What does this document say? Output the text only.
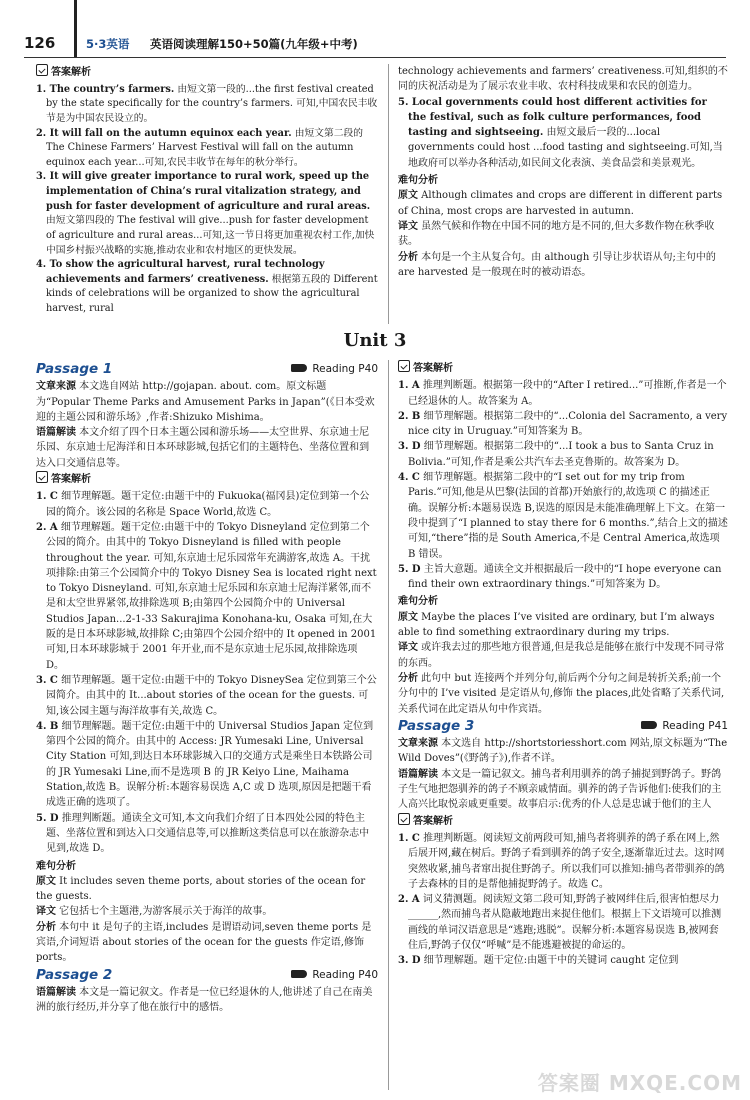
126	5·3英语 英语阅读理解150+50篇(九年级+中考)

答案解析

1. The country’s farmers. 由短文第一段的...the first festival created by the state specifically for the country’s farmers. 可知,中国农民丰收节是为中国农民设立的。

2. It will fall on the autumn equinox each year. 由短文第二段的 The Chinese Farmers’ Harvest Festival will fall on the autumn equinox each year...可知,农民丰收节在每年的秋分举行。

3. It will give greater importance to rural work, speed up the implementation of China’s rural vitalization strategy, and push for faster development of agriculture and rural areas. 由短文第四段的 The festival will give...push for faster development of agriculture and rural areas...可知,这一节日将更加重视农村工作,加快中国乡村振兴战略的实施,推动农业和农村地区的更快发展。

4. To show the agricultural harvest, rural technology achievements and farmers’ creativeness. 根据第五段的 Different kinds of celebrations will be organized to show the agricultural harvest, rural

technology achievements and farmers’ creativeness.可知,组织的不同的庆祝活动是为了展示农业丰收、农村科技成果和农民的创造力。

5. Local governments could host different activities for the festival, such as folk culture performances, food tasting and sightseeing. 由短文最后一段的...local governments could host ...food tasting and sightseeing.可知,当地政府可以举办各种活动,如民间文化表演、美食品尝和美景观光。

难句分析

原文 Although climates and crops are different in different parts of China, most crops are harvested in autumn.

译文 虽然气候和作物在中国不同的地方是不同的,但大多数作物在秋季收获。

分析 本句是一个主从复合句。由 although 引导让步状语从句;主句中的 are harvested 是一般现在时的被动语态。

Unit 3

Passage 1	Reading P40

文章来源 本文选自网站 http://gojapan. about. com。原文标题为“Popular Theme Parks and Amusement Parks in Japan”(《日本受欢迎的主题公园和游乐场》,作者:Shizuko Mishima。

语篇解读 本文介绍了四个日本主题公园和游乐场——太空世界、东京迪士尼乐园、东京迪士尼海洋和日本环球影城,包括它们的主题特色、坐落位置和到达入口交通信息等。

答案解析

1. C 细节理解题。题干定位:由题干中的 Fukuoka(福冈县)定位到第一个公园的简介。该公园的名称是 Space World,故选 C。

2. A 细节理解题。题干定位:由题干中的 Tokyo Disneyland 定位到第二个公园的简介。由其中的 Tokyo Disneyland is filled with people throughout the year. 可知,东京迪士尼乐园常年充满游客,故选 A。干扰项排除:由第三个公园简介中的 Tokyo Disney Sea is located right next to Tokyo Disneyland. 可知,东京迪士尼乐园和东京迪士尼海洋紧邻,而不是和太空世界紧邻,故排除选项 B;由第四个公园简介中的 Universal Studios Japan...2-1-33 Sakurajima Konohana-ku, Osaka 可知,在大阪的是日本环球影城,故排除 C;由第四个公园介绍中的 It opened in 2001 可知,日本环球影城于 2001 年开业,而不是东京迪士尼乐园,故排除选项 D。

3. C 细节理解题。题干定位:由题干中的 Tokyo DisneySea 定位到第三个公园简介。由其中的 It...about stories of the ocean for the guests. 可知,该公园主题与海洋故事有关,故选 C。

4. B 细节理解题。题干定位:由题干中的 Universal Studios Japan 定位到第四个公园的简介。由其中的 Access: JR Yumesaki Line, Universal City Station 可知,到达日本环球影城入口的交通方式是乘坐日本铁路公司的 JR Yumesaki Line,而不是选项 B 的 JR Keiyo Line, Maihama Station,故选 B。误解分析:本题容易误选 A,C 或 D 选项,原因是把题干看成选正确的选项了。

5. D 推理判断题。通读全文可知,本文向我们介绍了日本四处公园的特色主题、坐落位置和到达入口交通信息等,可以推断这类信息可以在旅游杂志中见到,故选 D。

难句分析

原文 It includes seven theme ports, about stories of the ocean for the guests.

译文 它包括七个主题港,为游客展示关于海洋的故事。

分析 本句中 it 是句子的主语,includes 是谓语动词,seven theme ports 是宾语,介词短语 about stories of the ocean for the guests 作定语,修饰 ports。

Passage 2	Reading P40

语篇解读 本文是一篇记叙文。作者是一位已经退休的人,他讲述了自己在南美洲的旅行经历,并分享了他在旅行中的感悟。

答案解析

1. A 推理判断题。根据第一段中的“After I retired...”可推断,作者是一个已经退休的人。故答案为 A。

2. B 细节理解题。根据第二段中的“...Colonia del Sacramento, a very nice city in Uruguay.”可知答案为 B。

3. D 细节理解题。根据第二段中的“...I took a bus to Santa Cruz in Bolivia.”可知,作者是乘公共汽车去圣克鲁斯的。故答案为 D。

4. C 细节理解题。根据第二段中的“I set out for my trip from Paris.”可知,他是从巴黎(法国的首都)开始旅行的,故选项 C 的描述正确。误解分析:本题易误选 B,误选的原因是未能准确理解上下文。在第一段中提到了“I planned to stay there for 6 months.”,结合上文的描述可知,“there”指的是 South America,不是 Central America,故选项 B 错误。

5. D 主旨大意题。通读全文并根据最后一段中的“I hope everyone can find their own extraordinary things.”可知答案为 D。

难句分析

原文 Maybe the places I’ve visited are ordinary, but I’m always able to find something extraordinary during my trips.

译文 或许我去过的那些地方很普通,但是我总是能够在旅行中发现不同寻常的东西。

分析 此句中 but 连接两个并列分句,前后两个分句之间是转折关系;前一个分句中的 I’ve visited 是定语从句,修饰 the places,此处省略了关系代词,关系代词在此定语从句中作宾语。

Passage 3	Reading P41

文章来源 本文选自 http://shortstoriesshort.com 网站,原文标题为“The Wild Doves”(《野鸽子》),作者不详。

语篇解读 本文是一篇记叙文。捕鸟者利用驯养的鸽子捕捉到野鸽子。野鸽子生气地把怨驯养的鸽子不顾亲戚情面。驯养的鸽子告诉他们:使我们的主人高兴比取悦亲戚更重要。故事启示:优秀的仆人总是忠诚于他们的主人

答案解析

1. C 推理判断题。阅读短文前两段可知,捕鸟者将驯养的鸽子系在网上,然后展开网,藏在树后。野鸽子看到驯养的鸽子安全,逐渐靠近过去。这时网突然收紧,捕鸟者窜出捉住野鸽子。所以我们可以推知:捕鸟者带驯养的鸽子去森林的目的是帮他捕捉野鸽子。故选 C。

2. A 词义猜测题。阅读短文第二段可知,野鸽子被网绊住后,很害怕想尽力______,然而捕鸟者从隐蔽地跑出来捉住他们。根据上下文语境可以推测画线的单词汉语意思是“逃跑;逃脱”。误解分析:本题容易误选 B,被网套住后,野鸽子仅仅“呼喊”是不能逃避被捉的命运的。

3. D 细节理解题。题干定位:由题干中的关键词 caught 定位到

答案圈 MXQE.COM
